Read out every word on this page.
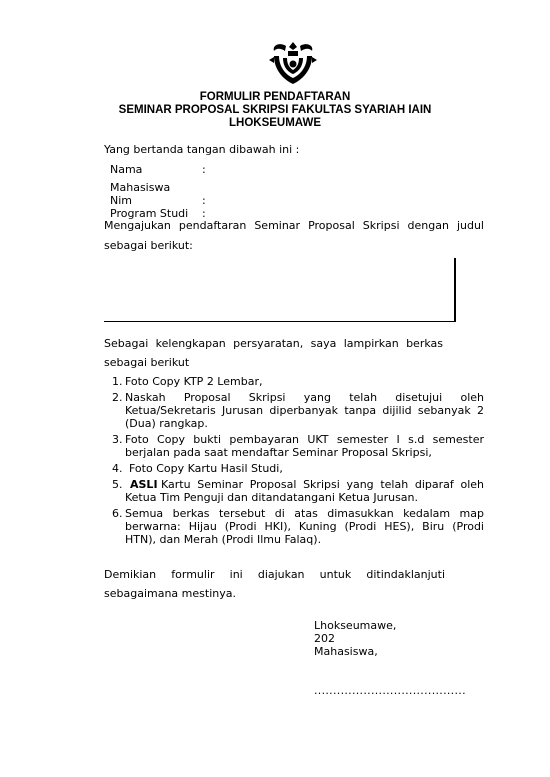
FORMULIR PENDAFTARAN
SEMINAR PROPOSAL SKRIPSI FAKULTAS SYARIAH IAIN
LHOKSEUMAWE
Yang bertanda tangan dibawah ini :
Nama	:
Mahasiswa
Nim	:
Program Studi :
Mengajukan pendaftaran Seminar Proposal Skripsi dengan judul
sebagai berikut:
Sebagai kelengkapan persyaratan, saya lampirkan berkas
sebagai berikut
1. Foto Copy KTP 2 Lembar,
2. Naskah Proposal Skripsi yang telah disetujui oleh
Ketua/Sekretaris Jurusan diperbanyak tanpa dijilid sebanyak 2
(Dua) rangkap.
3. Foto Copy bukti pembayaran UKT semester I s.d semester
berjalan pada saat mendaftar Seminar Proposal Skripsi,
4. Foto Copy Kartu Hasil Studi,
5. ASLI Kartu Seminar Proposal Skripsi yang telah diparaf oleh
Ketua Tim Penguji dan ditandatangani Ketua Jurusan.
6. Semua berkas tersebut di atas dimasukkan kedalam map
berwarna: Hijau (Prodi HKI), Kuning (Prodi HES), Biru (Prodi
HTN), dan Merah (Prodi Ilmu Falaq).
Demikian formulir ini diajukan untuk ditindaklanjuti
sebagaimana mestinya.
Lhokseumawe,
202
Mahasiswa,
........................................
